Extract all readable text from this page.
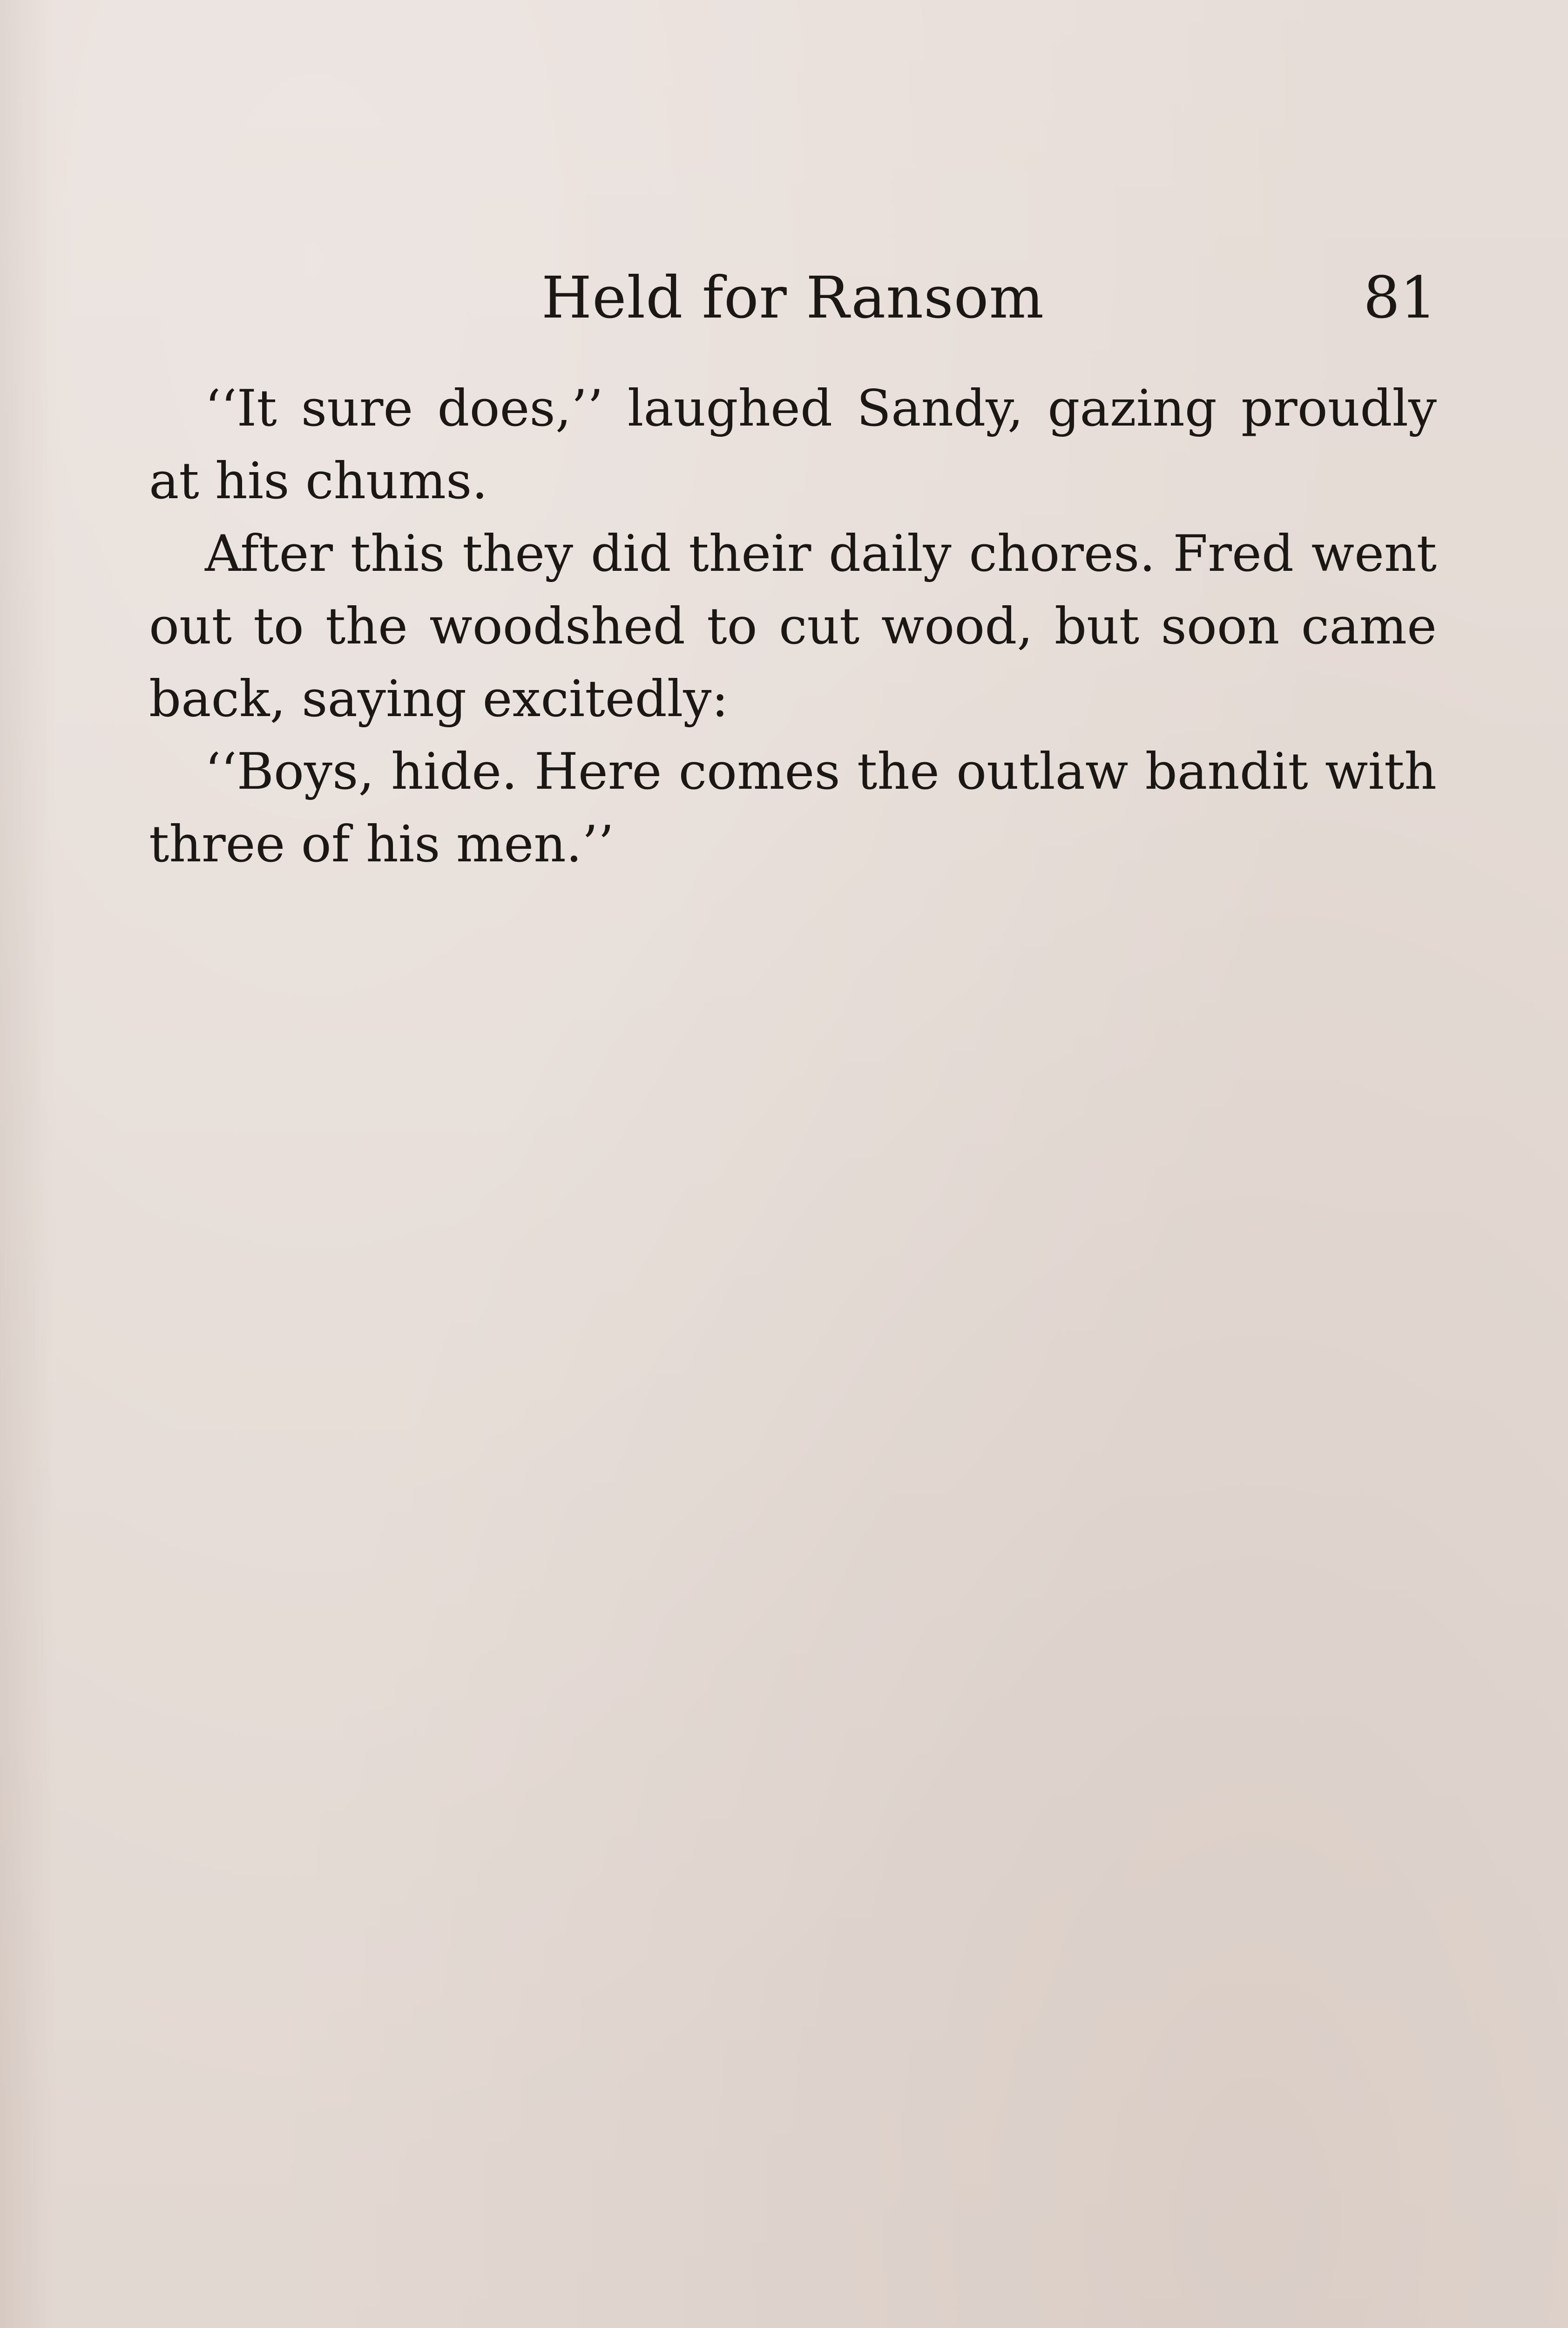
Held for Ransom	81

‘‘It sure does,’’ laughed Sandy, gazing proudly at his chums.

After this they did their daily chores. Fred went out to the woodshed to cut wood, but soon came back, saying excitedly:

‘‘Boys, hide. Here comes the outlaw bandit with three of his men.’’
